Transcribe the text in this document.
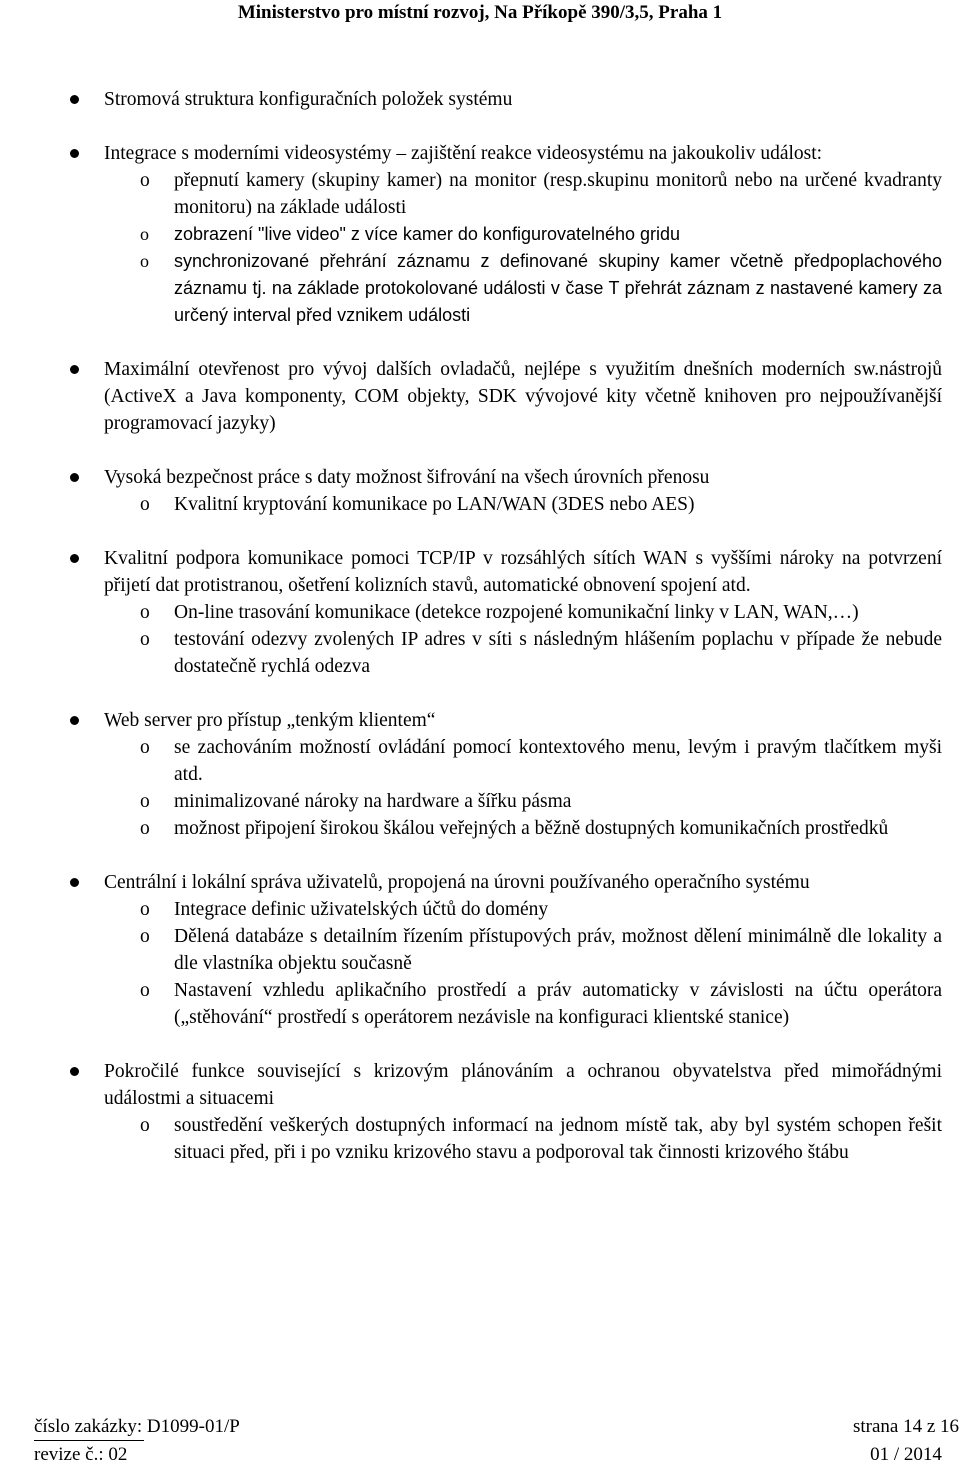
Ministerstvo pro místní rozvoj, Na Příkopě 390/3,5, Praha 1
Stromová struktura konfiguračních položek systému
Integrace s moderními videosystémy – zajištění reakce videosystému na jakoukoliv událost:
o přepnutí kamery (skupiny kamer) na monitor (resp.skupinu monitorů nebo na určené kvadranty monitoru) na základe události
o zobrazení "live video" z více kamer do konfigurovatelného gridu
o synchronizované přehrání záznamu z definované skupiny kamer včetně předpoplachového záznamu tj. na základe protokolované události v čase T přehrát záznam z nastavené kamery za určený interval před vznikem události
Maximální otevřenost pro vývoj dalších ovladačů, nejlépe s využitím dnešních moderních sw.nástrojů (ActiveX a Java komponenty, COM objekty, SDK vývojové kity včetně knihoven pro nejpoužívanější programovací jazyky)
Vysoká bezpečnost práce s daty možnost šifrování na všech úrovních přenosu
o Kvalitní kryptování komunikace po LAN/WAN (3DES nebo AES)
Kvalitní podpora komunikace pomoci TCP/IP v rozsáhlých sítích WAN s vyššími nároky na potvrzení přijetí dat protistranou, ošetření kolizních stavů, automatické obnovení spojení atd.
o On-line trasování komunikace (detekce rozpojené komunikační linky v LAN, WAN,…)
o testování odezvy zvolených IP adres v síti s následným hlášením poplachu v případe že nebude dostatečně rychlá odezva
Web server pro přístup „tenkým klientem“
o se zachováním možností ovládání pomocí kontextového menu, levým i pravým tlačítkem myši atd.
o minimalizované nároky na hardware a šířku pásma
o možnost připojení širokou škálou veřejných a běžně dostupných komunikačních prostředků
Centrální i lokální správa uživatelů, propojená na úrovni používaného operačního systému
o Integrace definic uživatelských účtů do domény
o Dělená databáze s detailním řízením přístupových práv, možnost dělení minimálně dle lokality a dle vlastníka objektu současně
o Nastavení vzhledu aplikačního prostředí a práv automaticky v závislosti na účtu operátora („stěhování“ prostředí s operátorem nezávisle na konfiguraci klientské stanice)
Pokročilé funkce související s krizovým plánováním a ochranou obyvatelstva před mimořádnými událostmi a situacemi
o soustředění veškerých dostupných informací na jednom místě tak, aby byl systém schopen řešit situaci před, při i po vzniku krizového stavu a podporoval tak činnosti krizového štábu
číslo zakázky: D1099-01/P
revize č.: 02
strana 14 z 16
01 / 2014
